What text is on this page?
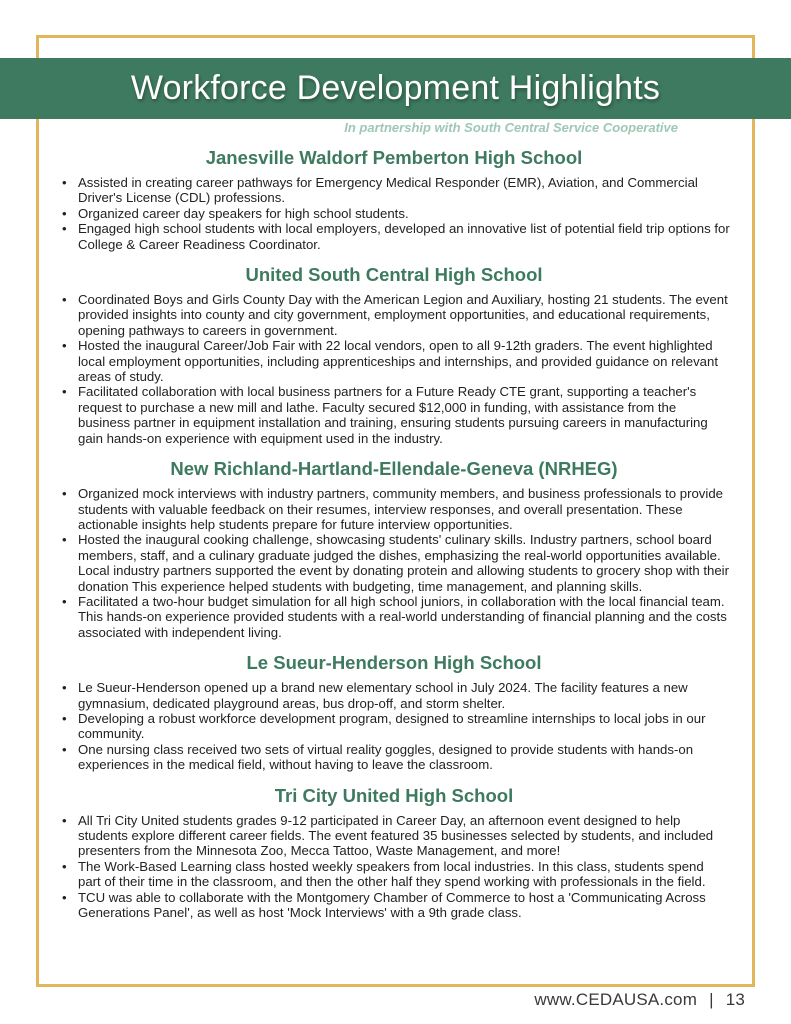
Workforce Development Highlights
In partnership with South Central Service Cooperative
Janesville Waldorf Pemberton High School
• Assisted in creating career pathways for Emergency Medical Responder (EMR), Aviation, and Commercial Driver's License (CDL) professions.
• Organized career day speakers for high school students.
• Engaged high school students with local employers, developed an innovative list of potential field trip options for College & Career Readiness Coordinator.
United South Central High School
• Coordinated Boys and Girls County Day with the American Legion and Auxiliary, hosting 21 students. The event provided insights into county and city government, employment opportunities, and educational requirements, opening pathways to careers in government.
• Hosted the inaugural Career/Job Fair with 22 local vendors, open to all 9-12th graders. The event highlighted local employment opportunities, including apprenticeships and internships, and provided guidance on relevant areas of study.
• Facilitated collaboration with local business partners for a Future Ready CTE grant, supporting a teacher's request to purchase a new mill and lathe. Faculty secured $12,000 in funding, with assistance from the business partner in equipment installation and training, ensuring students pursuing careers in manufacturing gain hands-on experience with equipment used in the industry.
New Richland-Hartland-Ellendale-Geneva (NRHEG)
• Organized mock interviews with industry partners, community members, and business professionals to provide students with valuable feedback on their resumes, interview responses, and overall presentation. These actionable insights help students prepare for future interview opportunities.
• Hosted the inaugural cooking challenge, showcasing students' culinary skills. Industry partners, school board members, staff, and a culinary graduate judged the dishes, emphasizing the real-world opportunities available. Local industry partners supported the event by donating protein and allowing students to grocery shop with their donation This experience helped students with budgeting, time management, and planning skills.
• Facilitated a two-hour budget simulation for all high school juniors, in collaboration with the local financial team. This hands-on experience provided students with a real-world understanding of financial planning and the costs associated with independent living.
Le Sueur-Henderson High School
• Le Sueur-Henderson opened up a brand new elementary school in July 2024. The facility features a new gymnasium, dedicated playground areas, bus drop-off, and storm shelter.
• Developing a robust workforce development program, designed to streamline internships to local jobs in our community.
• One nursing class received two sets of virtual reality goggles, designed to provide students with hands-on experiences in the medical field, without having to leave the classroom.
Tri City United High School
• All Tri City United students grades 9-12 participated in Career Day, an afternoon event designed to help students explore different career fields. The event featured 35 businesses selected by students, and included presenters from the Minnesota Zoo, Mecca Tattoo, Waste Management, and more!
• The Work-Based Learning class hosted weekly speakers from local industries. In this class, students spend part of their time in the classroom, and then the other half they spend working with professionals in the field.
• TCU was able to collaborate with the Montgomery Chamber of Commerce to host a 'Communicating Across Generations Panel', as well as host 'Mock Interviews' with a 9th grade class.
www.CEDAUSA.com | 13
